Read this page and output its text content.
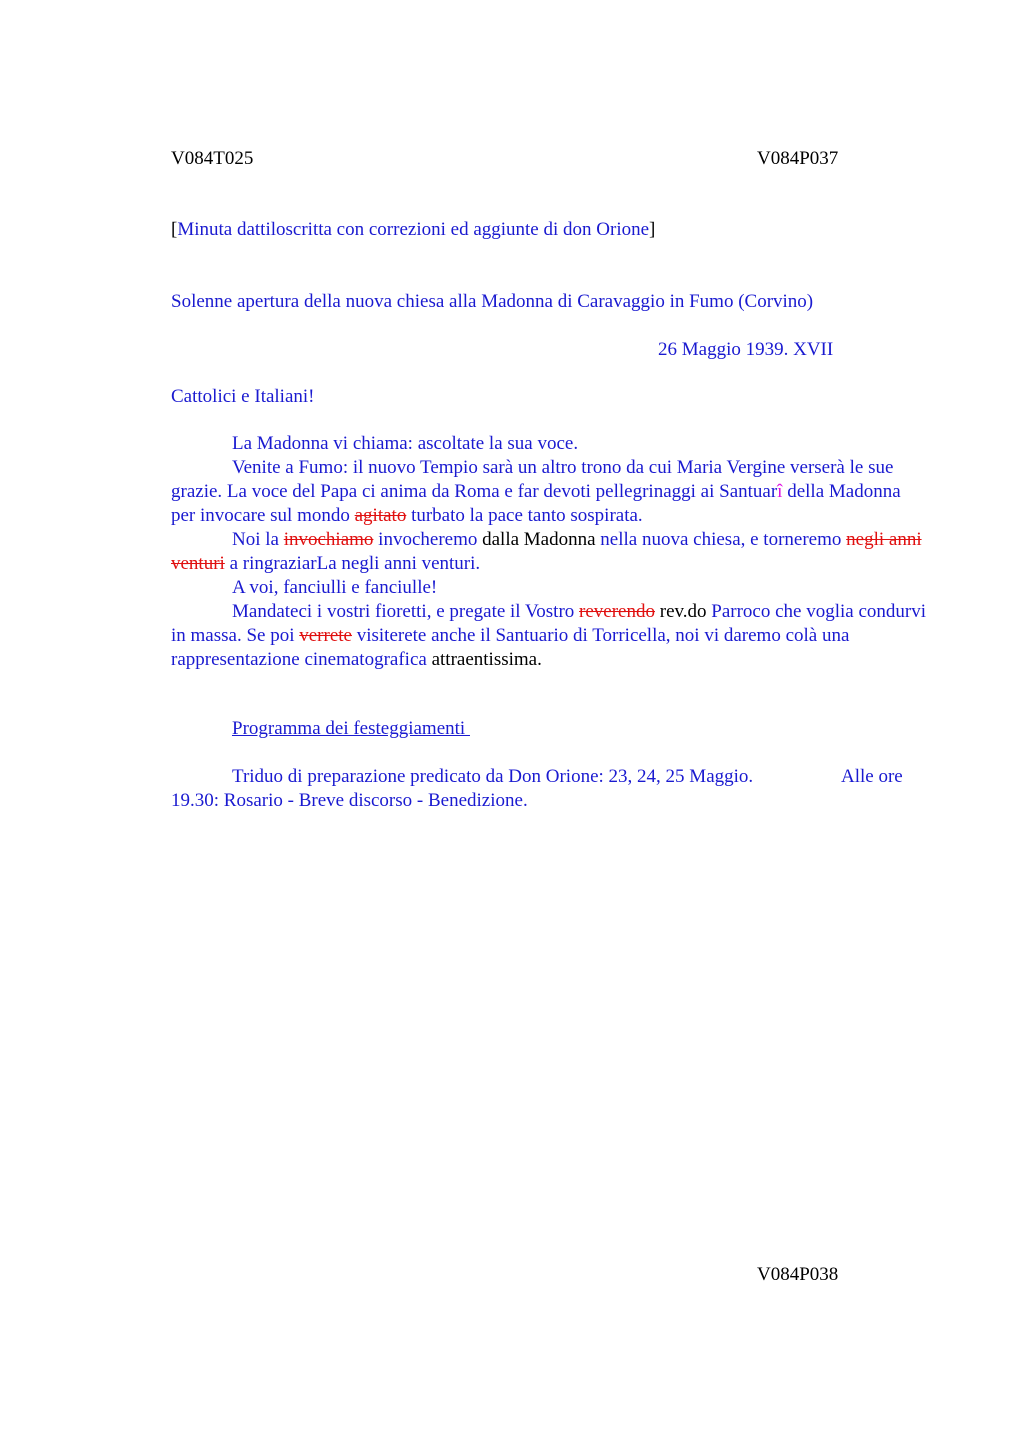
V084T025	V084P037
[Minuta dattiloscritta con correzioni ed aggiunte di don Orione]
Solenne apertura della nuova chiesa alla Madonna di Caravaggio in Fumo (Corvino)
26 Maggio 1939. XVII
Cattolici e Italiani!
La Madonna vi chiama: ascoltate la sua voce.
Venite a Fumo: il nuovo Tempio sarà un altro trono da cui Maria Vergine verserà le sue grazie. La voce del Papa ci anima da Roma e far devoti pellegrinaggi ai Santuarî della Madonna per invocare sul mondo agitato turbato la pace tanto sospirata.
Noi la invochiamo invocheremo dalla Madonna nella nuova chiesa, e torneremo negli anni venturi a ringraziarLa negli anni venturi.
A voi, fanciulli e fanciulle!
Mandateci i vostri fioretti, e pregate il Vostro reverendo rev.do Parroco che voglia condurvi in massa. Se poi verrete visiterete anche il Santuario di Torricella, noi vi daremo colà una rappresentazione cinematografica attraentissima.
Programma dei festeggiamenti
Triduo di preparazione predicato da Don Orione: 23, 24, 25 Maggio.	Alle ore
19.30: Rosario - Breve discorso - Benedizione.
V084P038
